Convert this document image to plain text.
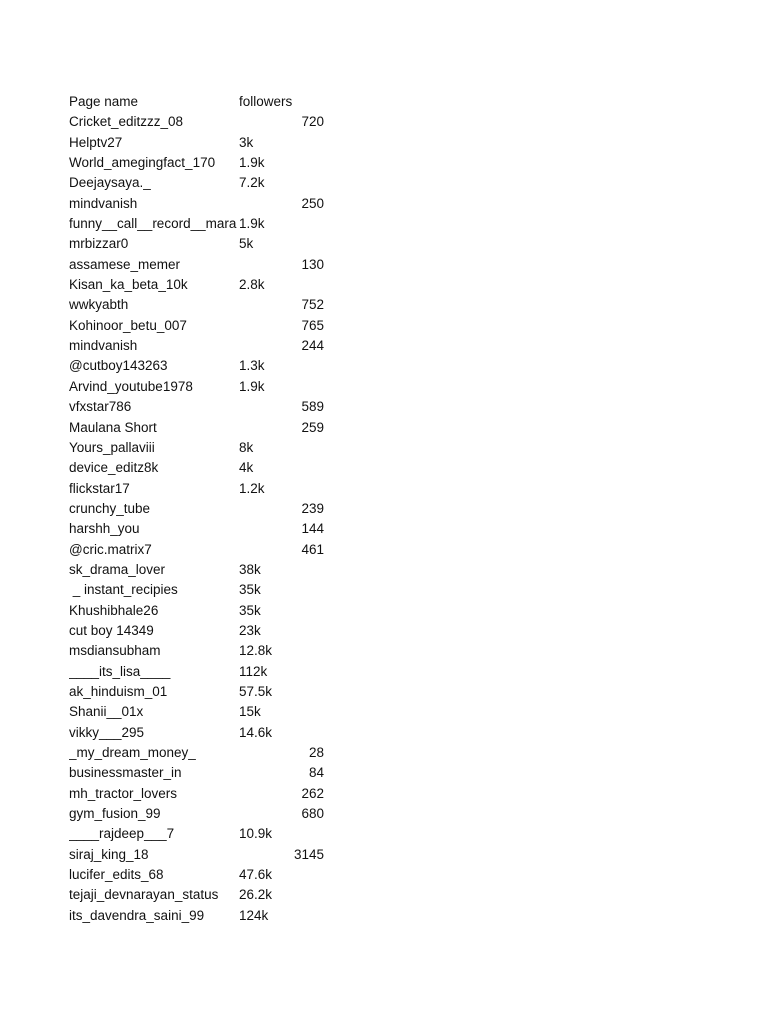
Page name	followers
Cricket_editzzz_08	720
Helptv27	3k
World_amegingfact_170	1.9k
Deejaysaya._	7.2k
mindvanish	250
funny__call__record__mara 1.9k
mrbizzar0	5k
assamese_memer	130
Kisan_ka_beta_10k	2.8k
wwkyabth	752
Kohinoor_betu_007	765
mindvanish	244
@cutboy143263	1.3k
Arvind_youtube1978	1.9k
vfxstar786	589
Maulana Short	259
Yours_pallaviii	8k
device_editz8k	4k
flickstar17	1.2k
crunchy_tube	239
harshh_you	144
@cric.matrix7	461
sk_drama_lover	38k
_ instant_recipies	35k
Khushibhale26	35k
cut boy 14349	23k
msdiansubham	12.8k
____its_lisa____	112k
ak_hinduism_01	57.5k
Shanii__01x	15k
vikky___295	14.6k
_my_dream_money_	28
businessmaster_in	84
mh_tractor_lovers	262
gym_fusion_99	680
____rajdeep___7	10.9k
siraj_king_18	3145
lucifer_edits_68	47.6k
tejaji_devnarayan_status	26.2k
its_davendra_saini_99	124k
